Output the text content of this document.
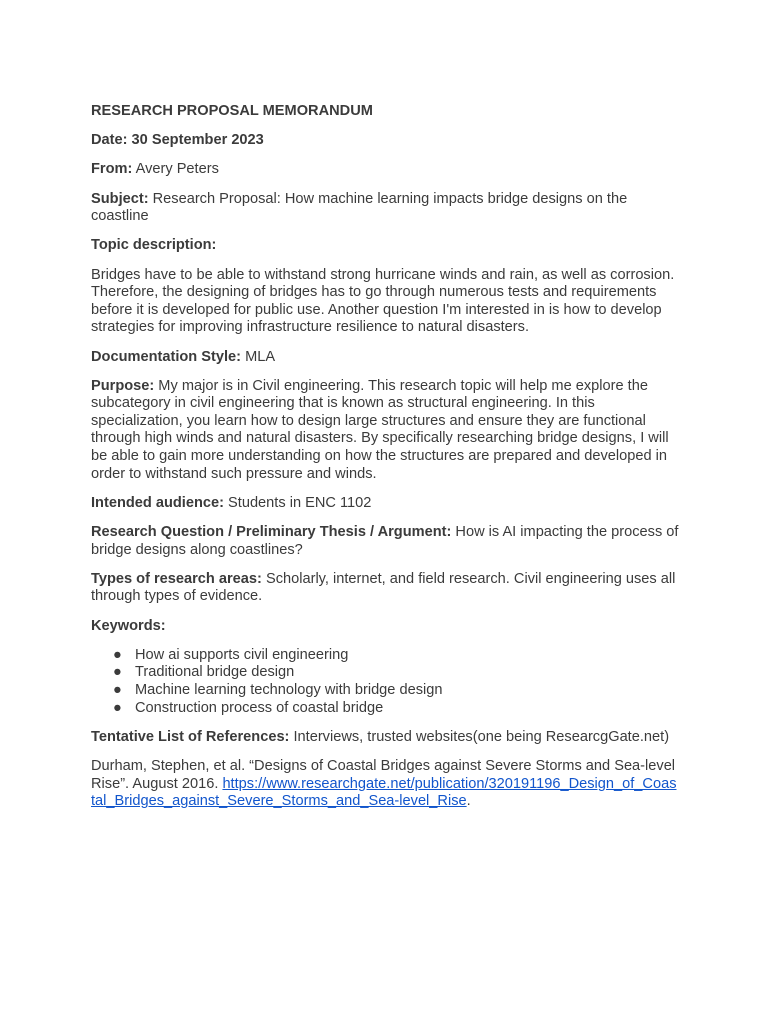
RESEARCH PROPOSAL MEMORANDUM
Date: 30 September 2023
From: Avery Peters
Subject: Research Proposal: How machine learning impacts bridge designs on the coastline
Topic description:
Bridges have to be able to withstand strong hurricane winds and rain, as well as corrosion. Therefore, the designing of bridges has to go through numerous tests and requirements before it is developed for public use. Another question I'm interested in is how to develop strategies for improving infrastructure resilience to natural disasters.
Documentation Style: MLA
Purpose: My major is in Civil engineering. This research topic will help me explore the subcategory in civil engineering that is known as structural engineering. In this specialization, you learn how to design large structures and ensure they are functional through high winds and natural disasters. By specifically researching bridge designs, I will be able to gain more understanding on how the structures are prepared and developed in order to withstand such pressure and winds.
Intended audience: Students in ENC 1102
Research Question / Preliminary Thesis / Argument: How is AI impacting the process of bridge designs along coastlines?
Types of research areas: Scholarly, internet, and field research. Civil engineering uses all through types of evidence.
Keywords:
● How ai supports civil engineering
● Traditional bridge design
● Machine learning technology with bridge design
● Construction process of coastal bridge
Tentative List of References: Interviews, trusted websites(one being ResearcgGate.net)
Durham, Stephen, et al. “Designs of Coastal Bridges against Severe Storms and Sea-level Rise”. August 2016. https://www.researchgate.net/publication/320191196_Design_of_Coastal_Bridges_against_Severe_Storms_and_Sea-level_Rise.
